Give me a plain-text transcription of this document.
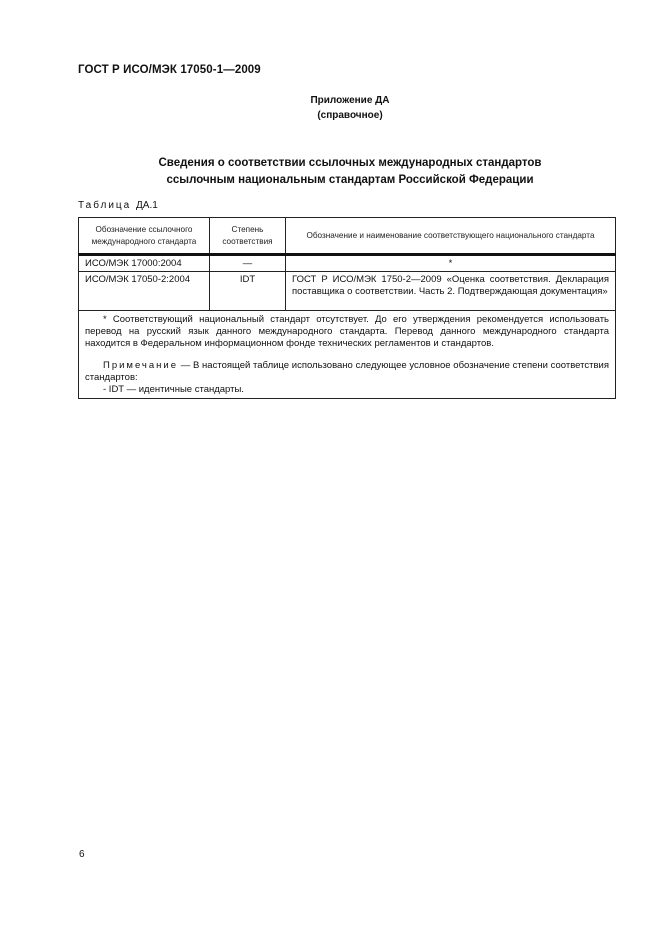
ГОСТ Р ИСО/МЭК 17050-1—2009
Приложение ДА
(справочное)
Сведения о соответствии ссылочных международных стандартов
ссылочным национальным стандартам Российской Федерации
Таблица ДА.1
Обозначение ссылочного международного стандарта	Степень соответствия	Обозначение и наименование соответствующего национального стандарта
ИСО/МЭК 17000:2004	—	*
ИСО/МЭК 17050-2:2004	IDT	ГОСТ Р ИСО/МЭК 1750-2—2009 «Оценка соответствия. Декларация поставщика о соответствии. Часть 2. Подтверждающая документация»

* Соответствующий национальный стандарт отсутствует. До его утверждения рекомендуется использовать перевод на русский язык данного международного стандарта. Перевод данного международного стандарта находится в Федеральном информационном фонде технических регламентов и стандартов.

Примечание — В настоящей таблице использовано следующее условное обозначение степени соответствия стандартов:

- IDT — идентичные стандарты.		

6
